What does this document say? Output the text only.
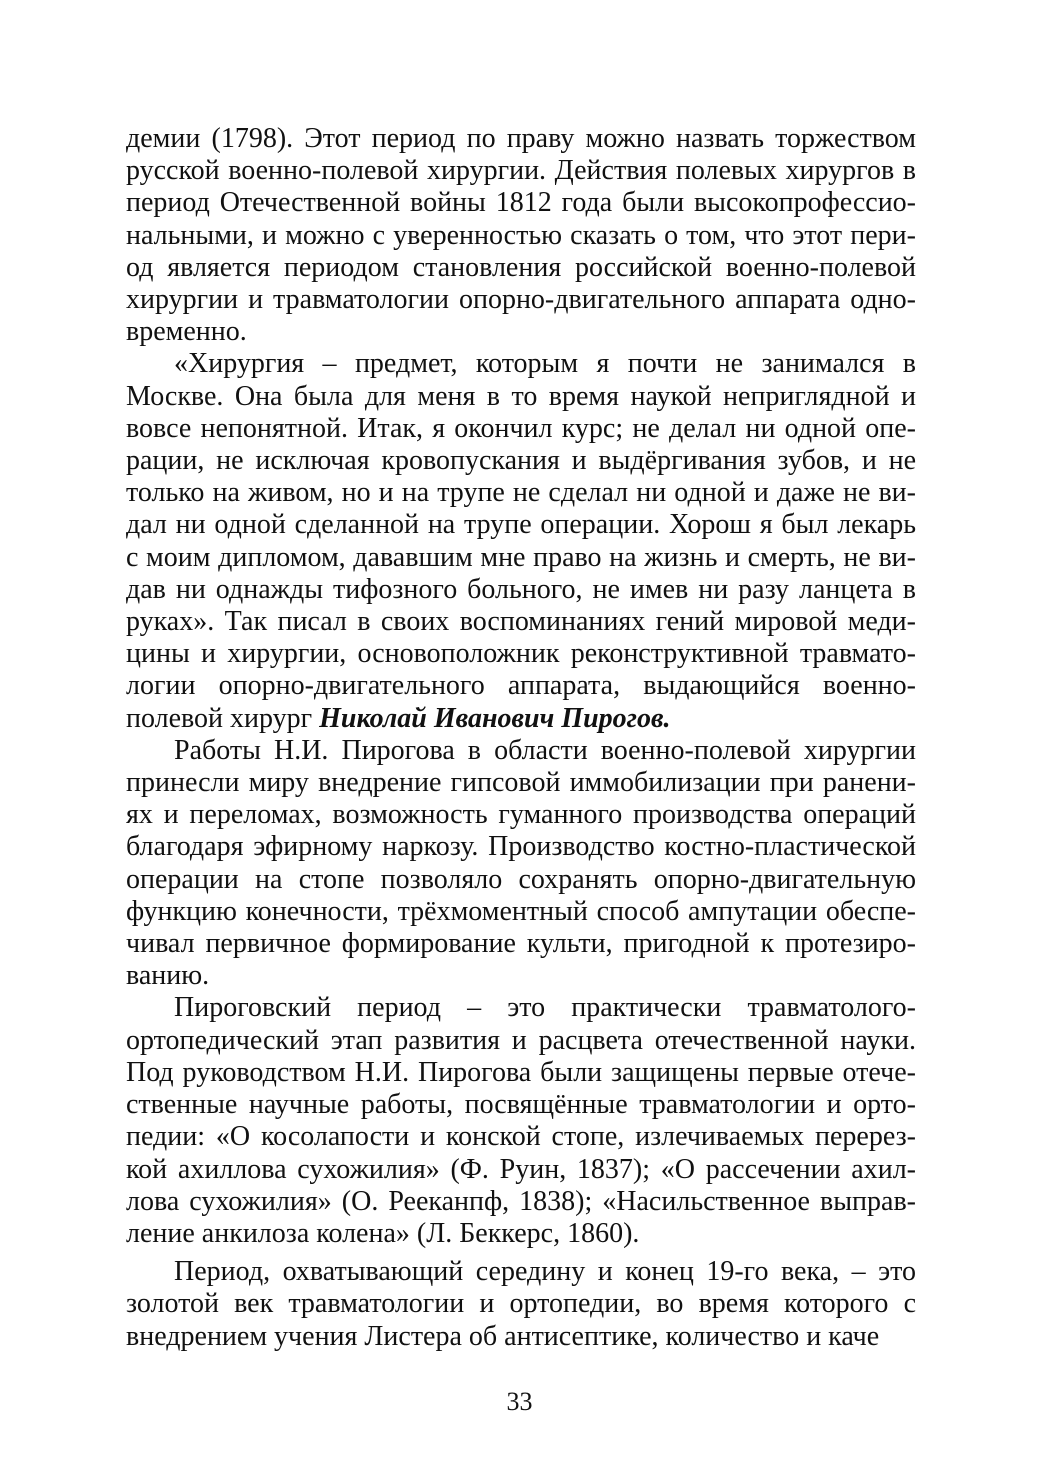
демии (1798). Этот период по праву можно назвать торжеством русской военно-полевой хирургии. Действия полевых хирургов в период Отечественной войны 1812 года были высокопрофессиональными, и можно с уверенностью сказать о том, что этот период является периодом становления российской военно-полевой хирургии и травматологии опорно-двигательного аппарата одновременно.

«Хирургия – предмет, которым я почти не занимался в Москве. Она была для меня в то время наукой неприглядной и вовсе непонятной. Итак, я окончил курс; не делал ни одной операции, не исключая кровопускания и выдёргивания зубов, и не только на живом, но и на трупе не сделал ни одной и даже не видал ни одной сделанной на трупе операции. Хорош я был лекарь с моим дипломом, дававшим мне право на жизнь и смерть, не видав ни однажды тифозного больного, не имев ни разу ланцета в руках». Так писал в своих воспоминаниях гений мировой медицины и хирургии, основоположник реконструктивной травматологии опорно-двигательного аппарата, выдающийся военно-полевой хирург Николай Иванович Пирогов.

Работы Н.И. Пирогова в области военно-полевой хирургии принесли миру внедрение гипсовой иммобилизации при ранениях и переломах, возможность гуманного производства операций благодаря эфирному наркозу. Производство костно-пластической операции на стопе позволяло сохранять опорно-двигательную функцию конечности, трёхмоментный способ ампутации обеспечивал первичное формирование культи, пригодной к протезированию.

Пироговский период – это практически травматолого-ортопедический этап развития и расцвета отечественной науки. Под руководством Н.И. Пирогова были защищены первые отечественные научные работы, посвящённые травматологии и ортопедии: «О косолапости и конской стопе, излечиваемых перерезкой ахиллова сухожилия» (Ф. Руин, 1837); «О рассечении ахиллова сухожилия» (О. Рееканпф, 1838); «Насильственное выправление анкилоза колена» (Л. Беккерс, 1860).

Период, охватывающий середину и конец 19-го века, – это золотой век травматологии и ортопедии, во время которого с внедрением учения Листера об антисептике, количество и каче

33
